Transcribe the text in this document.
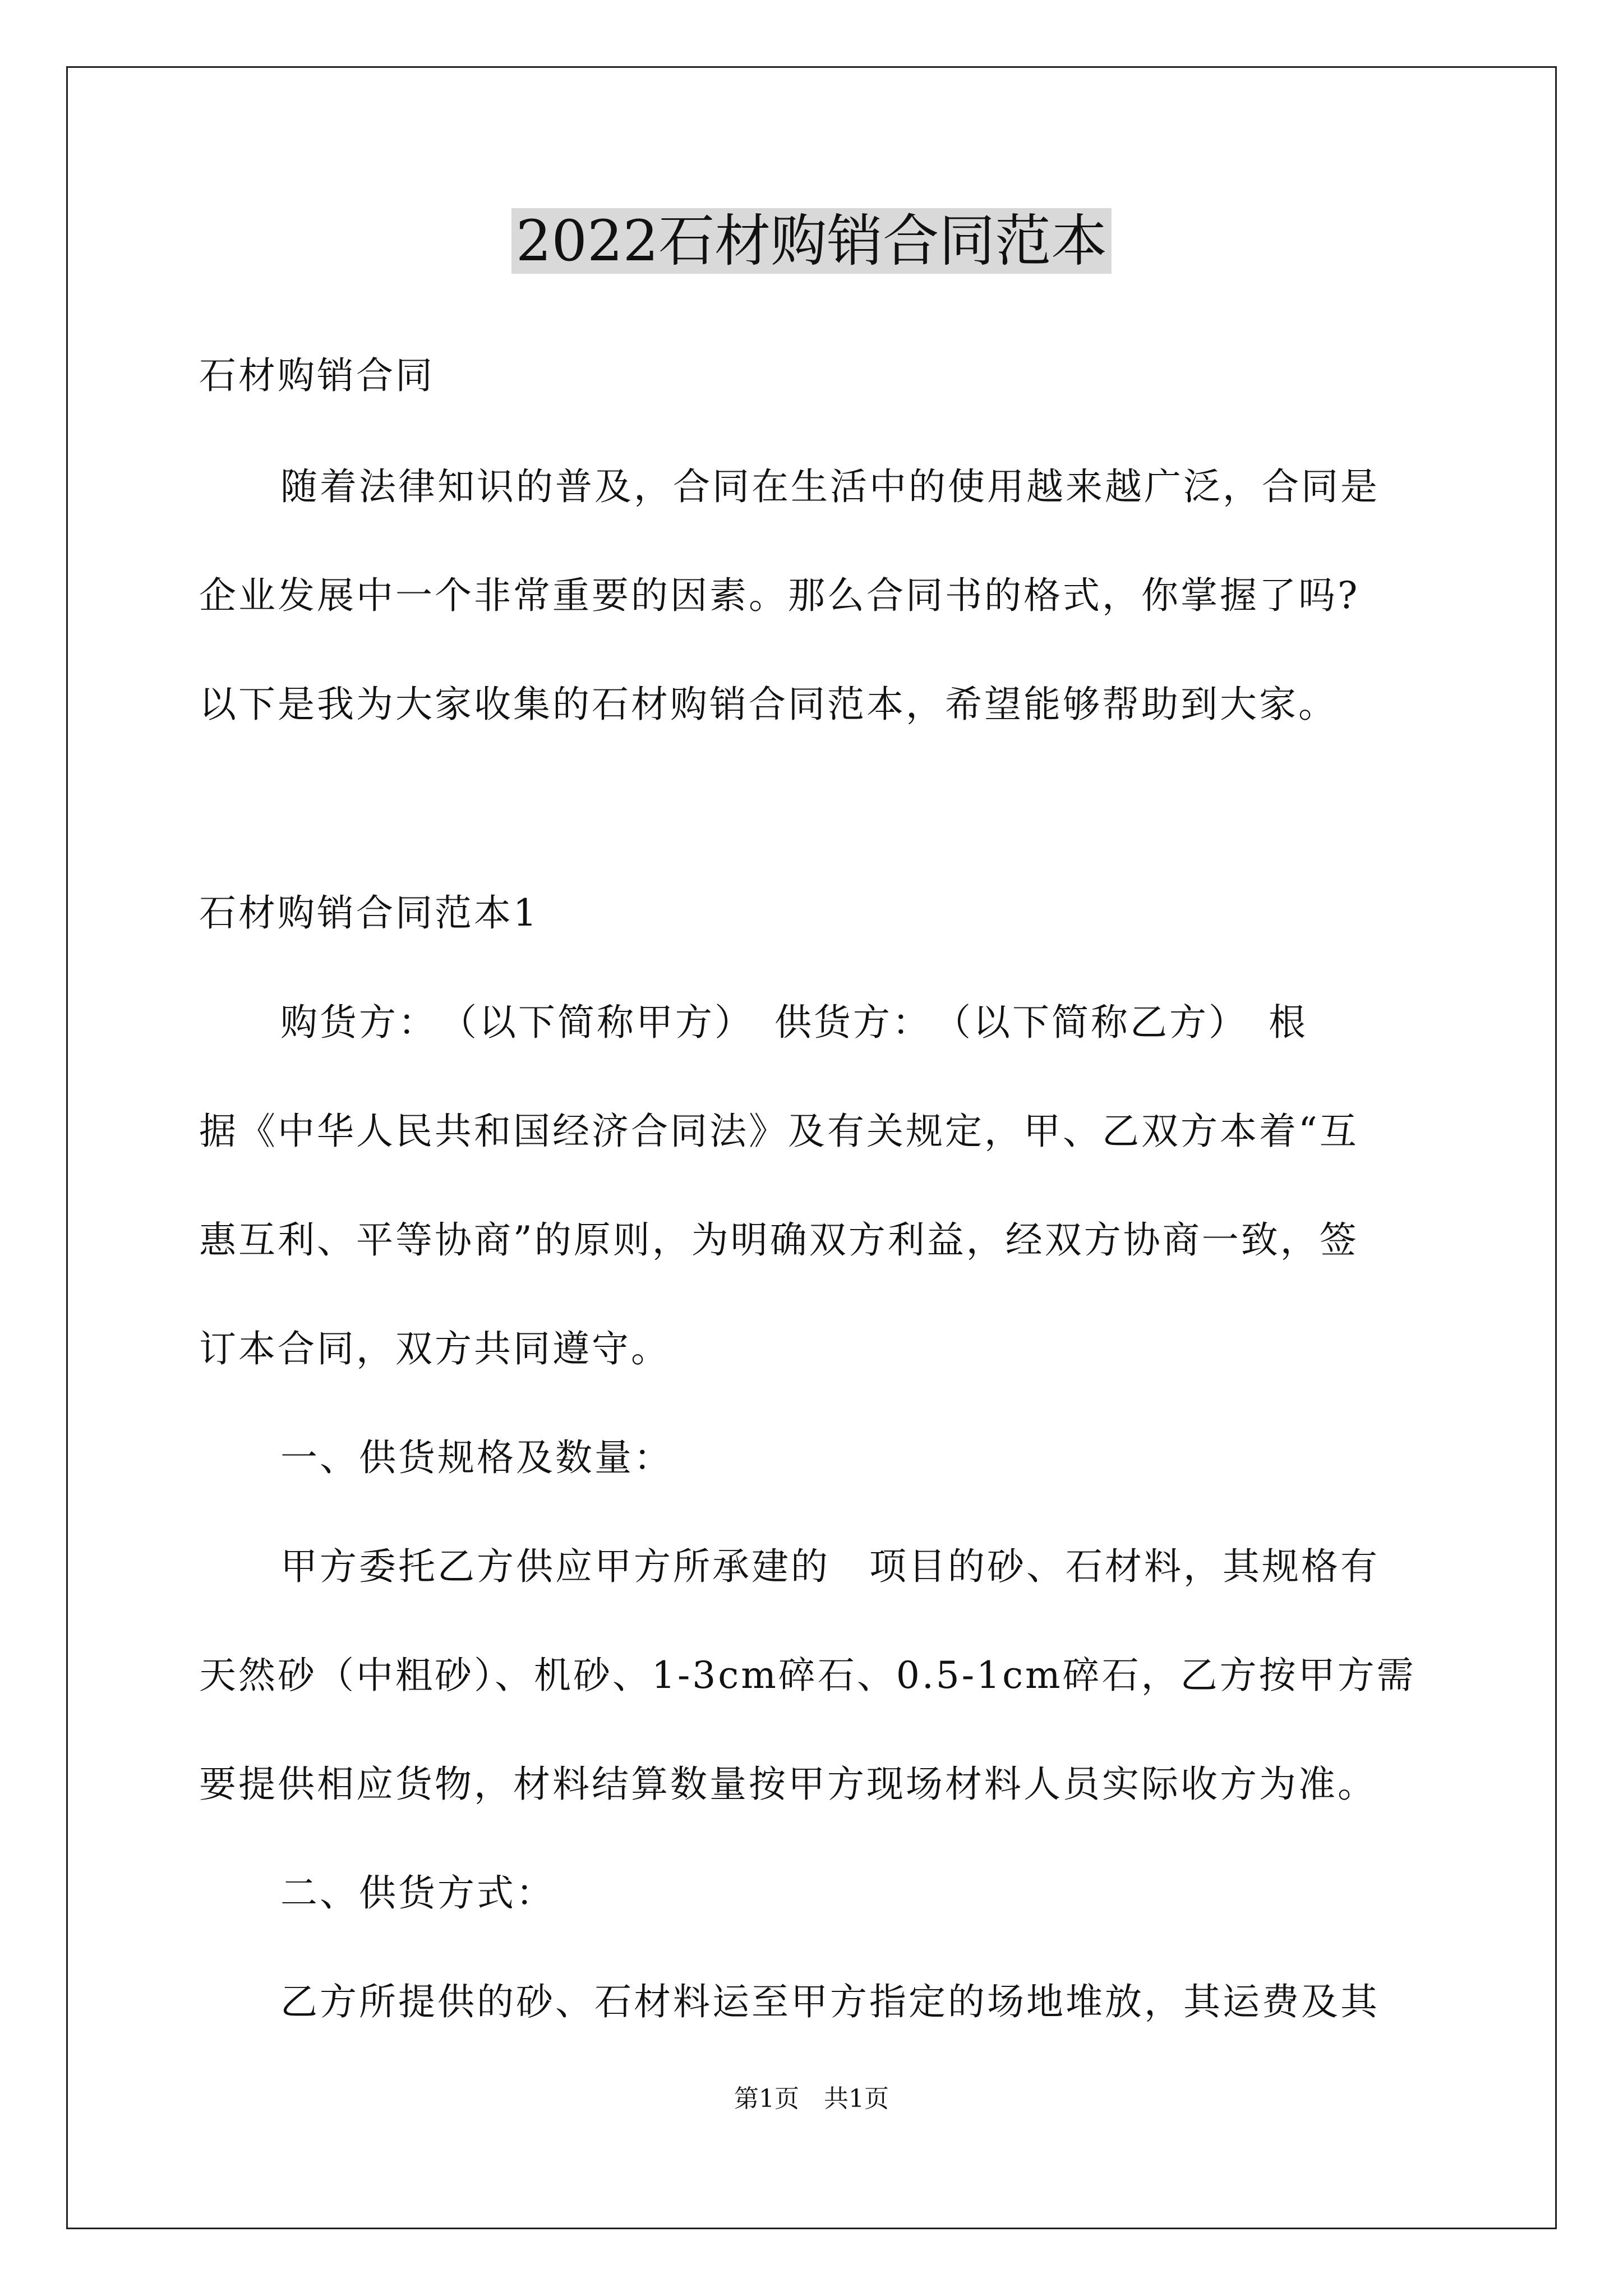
2022石材购销合同范本
石材购销合同
随着法律知识的普及，合同在生活中的使用越来越广泛，合同是
企业发展中一个非常重要的因素。那么合同书的格式，你掌握了吗?
以下是我为大家收集的石材购销合同范本，希望能够帮助到大家。
石材购销合同范本1
购货方：　（以下简称甲方）　供货方：　（以下简称乙方）　根
据《中华人民共和国经济合同法》及有关规定，甲、乙双方本着“互
惠互利、平等协商”的原则，为明确双方利益，经双方协商一致，签
订本合同，双方共同遵守。
一、供货规格及数量：
甲方委托乙方供应甲方所承建的　项目的砂、石材料，其规格有
天然砂（中粗砂）、机砂、1-3cm碎石、0.5-1cm碎石，乙方按甲方需
要提供相应货物，材料结算数量按甲方现场材料人员实际收方为准。
二、供货方式：
乙方所提供的砂、石材料运至甲方指定的场地堆放，其运费及其
第1页　共1页
